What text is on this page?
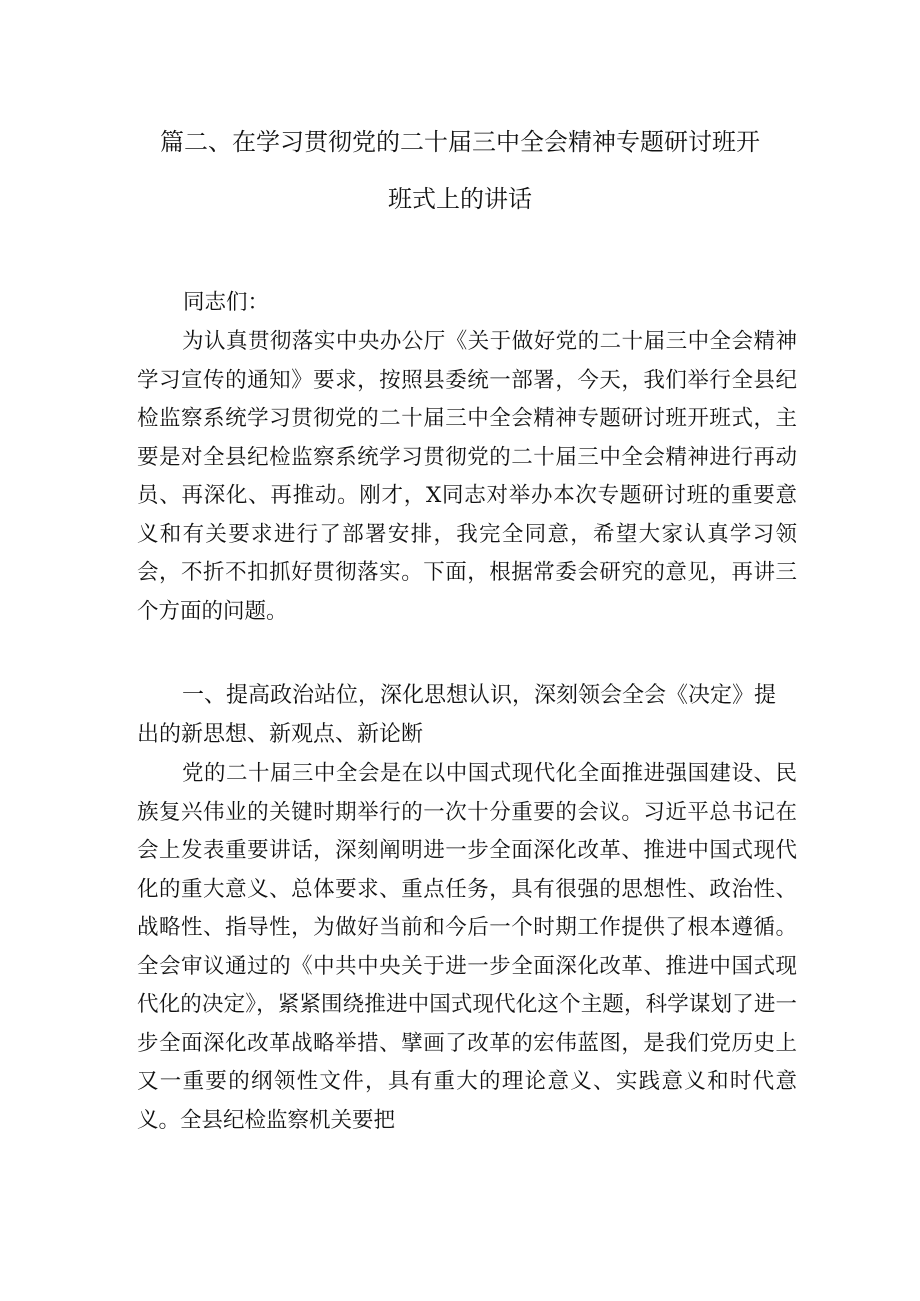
篇二、在学习贯彻党的二十届三中全会精神专题研讨班开
班式上的讲话
同志们：

为认真贯彻落实中央办公厅《关于做好党的二十届三中全会精神学习宣传的通知》要求，按照县委统一部署，今天，我们举行全县纪检监察系统学习贯彻党的二十届三中全会精神专题研讨班开班式，主要是对全县纪检监察系统学习贯彻党的二十届三中全会精神进行再动员、再深化、再推动。刚才，X同志对举办本次专题研讨班的重要意义和有关要求进行了部署安排，我完全同意，希望大家认真学习领会，不折不扣抓好贯彻落实。下面，根据常委会研究的意见，再讲三个方面的问题。

一、提高政治站位，深化思想认识，深刻领会全会《决定》提出的新思想、新观点、新论断

党的二十届三中全会是在以中国式现代化全面推进强国建设、民族复兴伟业的关键时期举行的一次十分重要的会议。习近平总书记在会上发表重要讲话，深刻阐明进一步全面深化改革、推进中国式现代化的重大意义、总体要求、重点任务，具有很强的思想性、政治性、战略性、指导性，为做好当前和今后一个时期工作提供了根本遵循。全会审议通过的《中共中央关于进一步全面深化改革、推进中国式现代化的决定》，紧紧围绕推进中国式现代化这个主题，科学谋划了进一步全面深化改革战略举措、擘画了改革的宏伟蓝图，是我们党历史上又一重要的纲领性文件，具有重大的理论意义、实践意义和时代意义。全县纪检监察机关要把
